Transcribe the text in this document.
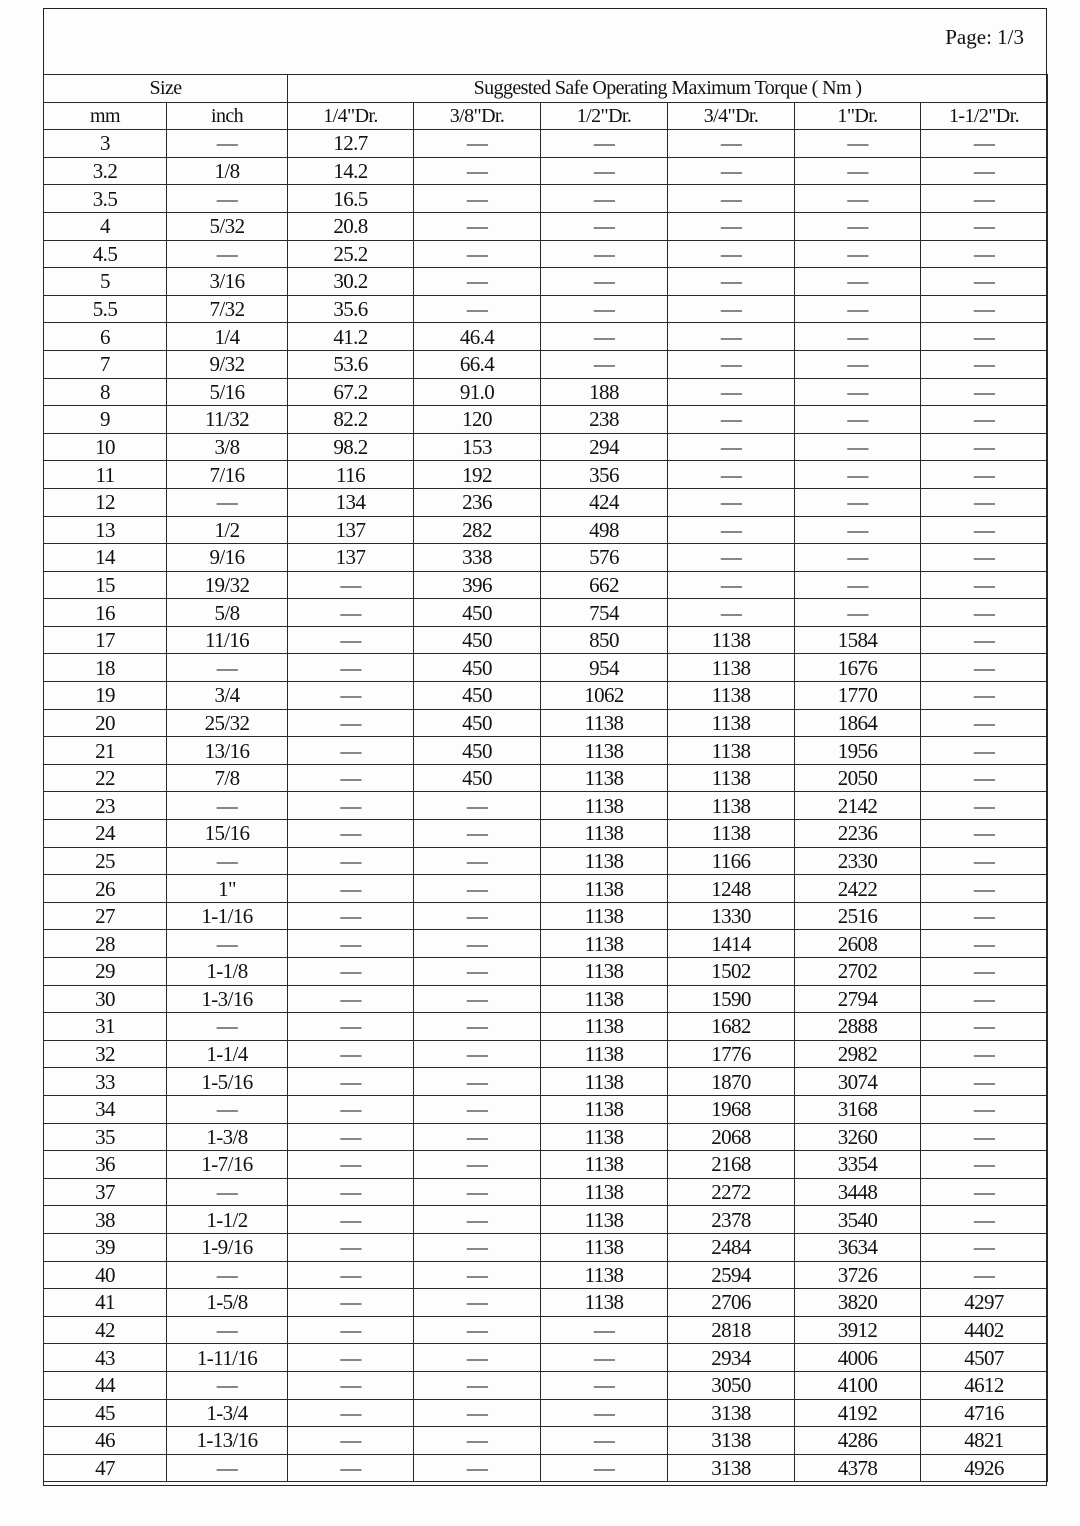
Page: 1/3
Size		Suggested Safe Operating Maximum Torque ( Nm )					
mm	inch	1/4"Dr.	3/8"Dr.	1/2"Dr.	3/4"Dr.	1"Dr.	1-1/2"Dr.
3	—	12.7	—	—	—	—	—
3.2	1/8	14.2	—	—	—	—	—
3.5	—	16.5	—	—	—	—	—
4	5/32	20.8	—	—	—	—	—
4.5	—	25.2	—	—	—	—	—
5	3/16	30.2	—	—	—	—	—
5.5	7/32	35.6	—	—	—	—	—
6	1/4	41.2	46.4	—	—	—	—
7	9/32	53.6	66.4	—	—	—	—
8	5/16	67.2	91.0	188	—	—	—
9	11/32	82.2	120	238	—	—	—
10	3/8	98.2	153	294	—	—	—
11	7/16	116	192	356	—	—	—
12	—	134	236	424	—	—	—
13	1/2	137	282	498	—	—	—
14	9/16	137	338	576	—	—	—
15	19/32	—	396	662	—	—	—
16	5/8	—	450	754	—	—	—
17	11/16	—	450	850	1138	1584	—
18	—	—	450	954	1138	1676	—
19	3/4	—	450	1062	1138	1770	—
20	25/32	—	450	1138	1138	1864	—
21	13/16	—	450	1138	1138	1956	—
22	7/8	—	450	1138	1138	2050	—
23	—	—	—	1138	1138	2142	—
24	15/16	—	—	1138	1138	2236	—
25	—	—	—	1138	1166	2330	—
26	1"	—	—	1138	1248	2422	—
27	1-1/16	—	—	1138	1330	2516	—
28	—	—	—	1138	1414	2608	—
29	1-1/8	—	—	1138	1502	2702	—
30	1-3/16	—	—	1138	1590	2794	—
31	—	—	—	1138	1682	2888	—
32	1-1/4	—	—	1138	1776	2982	—
33	1-5/16	—	—	1138	1870	3074	—
34	—	—	—	1138	1968	3168	—
35	1-3/8	—	—	1138	2068	3260	—
36	1-7/16	—	—	1138	2168	3354	—
37	—	—	—	1138	2272	3448	—
38	1-1/2	—	—	1138	2378	3540	—
39	1-9/16	—	—	1138	2484	3634	—
40	—	—	—	1138	2594	3726	—
41	1-5/8	—	—	1138	2706	3820	4297
42	—	—	—	—	2818	3912	4402
43	1-11/16	—	—	—	2934	4006	4507
44	—	—	—	—	3050	4100	4612
45	1-3/4	—	—	—	3138	4192	4716
46	1-13/16	—	—	—	3138	4286	4821
47	—	—	—	—	3138	4378	4926
